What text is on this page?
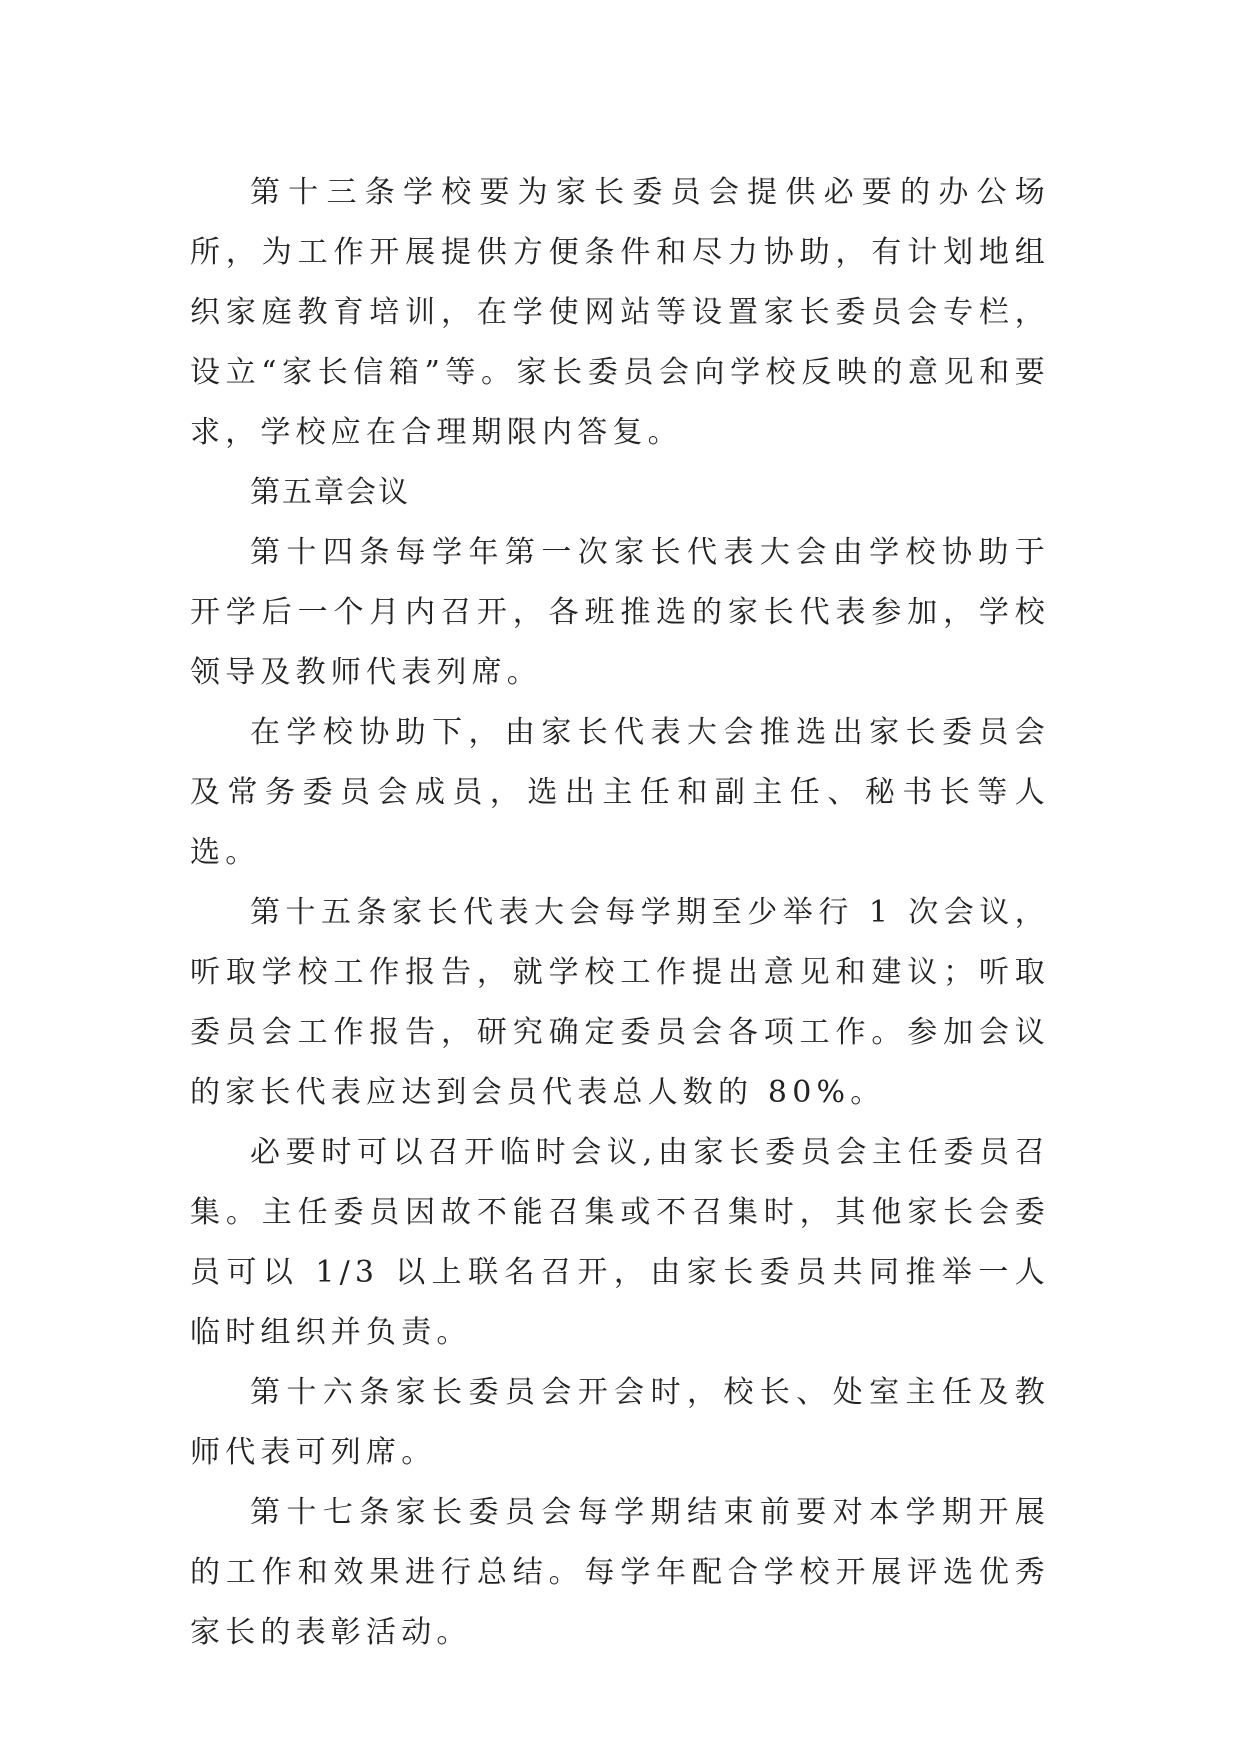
第十三条学校要为家长委员会提供必要的办公场所，为工作开展提供方便条件和尽力协助，有计划地组织家庭教育培训，在学使网站等设置家长委员会专栏，设立“家长信箱”等。家长委员会向学校反映的意见和要求，学校应在合理期限内答复。

第五章会议

第十四条每学年第一次家长代表大会由学校协助于开学后一个月内召开，各班推选的家长代表参加，学校领导及教师代表列席。

在学校协助下，由家长代表大会推选出家长委员会及常务委员会成员，选出主任和副主任、秘书长等人选。

第十五条家长代表大会每学期至少举行 1 次会议，听取学校工作报告，就学校工作提出意见和建议；听取委员会工作报告，研究确定委员会各项工作。参加会议的家长代表应达到会员代表总人数的 80%。

必要时可以召开临时会议,由家长委员会主任委员召集。主任委员因故不能召集或不召集时，其他家长会委员可以 1/3 以上联名召开，由家长委员共同推举一人临时组织并负责。

第十六条家长委员会开会时，校长、处室主任及教师代表可列席。

第十七条家长委员会每学期结束前要对本学期开展的工作和效果进行总结。每学年配合学校开展评选优秀家长的表彰活动。
